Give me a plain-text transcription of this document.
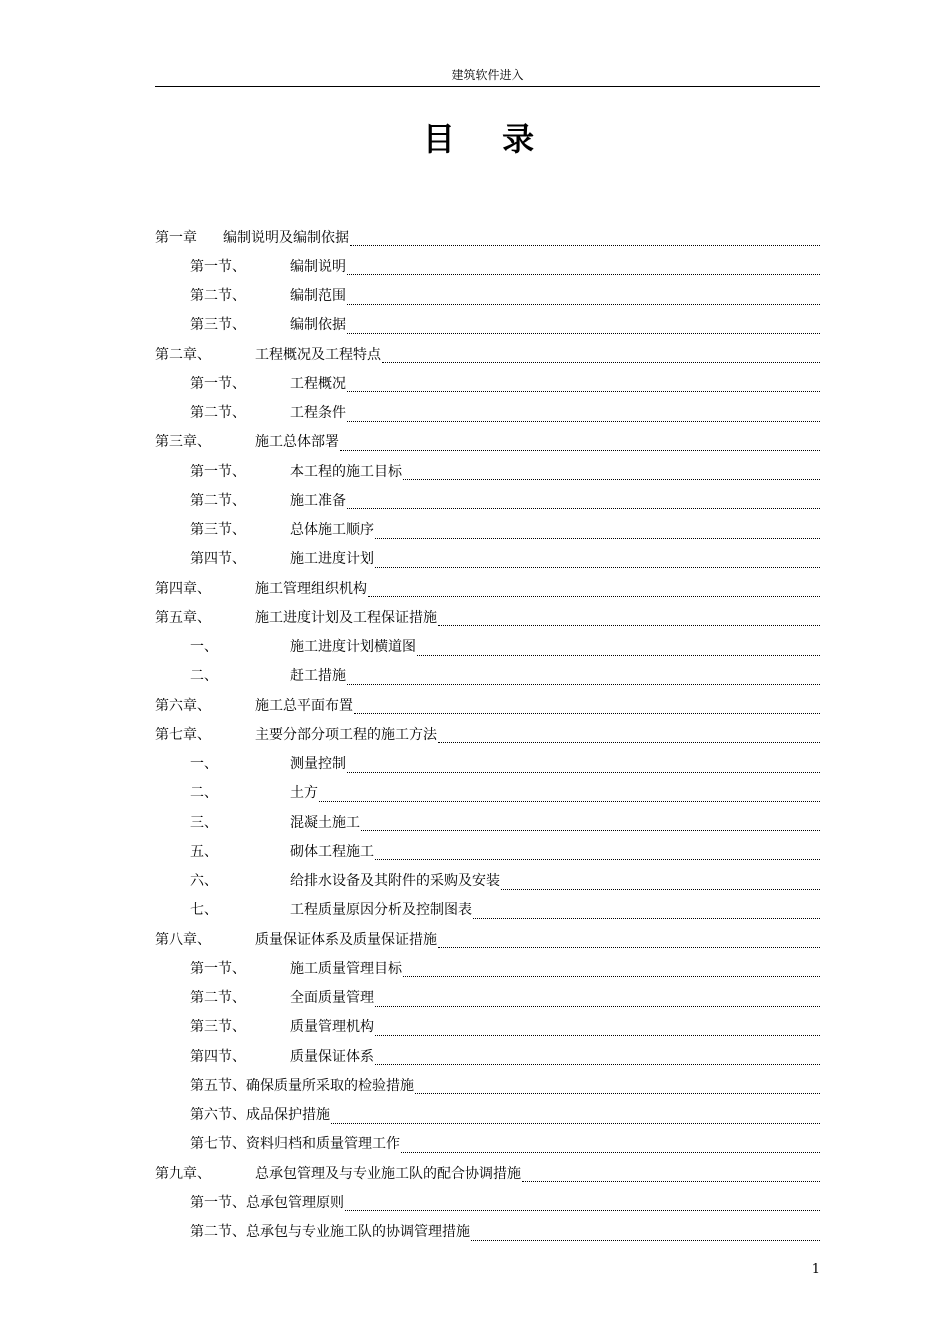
建筑软件进入
目 录
第一章	编制说明及编制依据
第一节、	编制说明
第二节、	编制范围
第三节、	编制依据
第二章、	工程概况及工程特点
第一节、	工程概况
第二节、	工程条件
第三章、	施工总体部署
第一节、	本工程的施工目标
第二节、	施工准备
第三节、	总体施工顺序
第四节、	施工进度计划
第四章、	施工管理组织机构
第五章、	施工进度计划及工程保证措施
一、	施工进度计划横道图
二、	赶工措施
第六章、	施工总平面布置
第七章、	主要分部分项工程的施工方法
一、	测量控制
二、	土方
三、	混凝土施工
五、	砌体工程施工
六、	给排水设备及其附件的采购及安装
七、	工程质量原因分析及控制图表
第八章、	质量保证体系及质量保证措施
第一节、	施工质量管理目标
第二节、	全面质量管理
第三节、	质量管理机构
第四节、	质量保证体系
第五节、 确保质量所采取的检验措施
第六节、 成品保护措施
第七节、 资料归档和质量管理工作
第九章、	总承包管理及与专业施工队的配合协调措施
第一节、 总承包管理原则
第二节、 总承包与专业施工队的协调管理措施
1
